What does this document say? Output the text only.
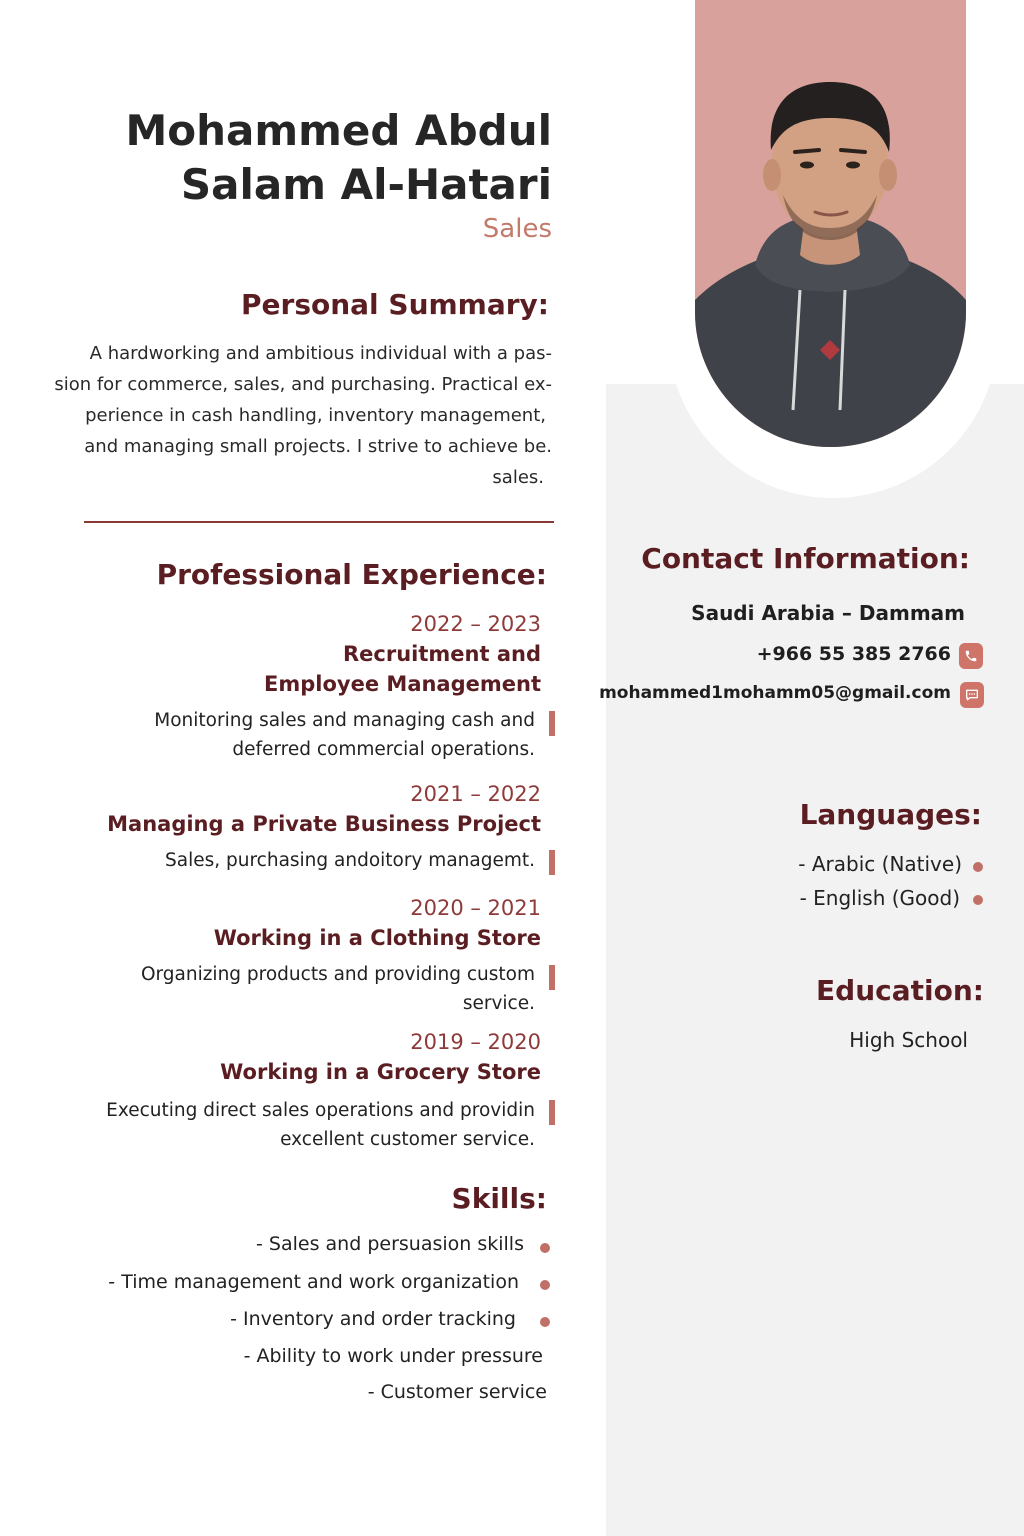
Mohammed Abdul
Salam Al-Hatari
Sales
Personal Summary:
A hardworking and ambitious individual with a pas-
sion for commerce, sales, and purchasing. Practical ex-
perience in cash handling, inventory management,
and managing small projects. I strive to achieve be.
sales.
Professional Experience:
2022 – 2023
Recruitment and
Employee Management
Monitoring sales and managing cash and
deferred commercial operations.
2021 – 2022
Managing a Private Business Project
Sales, purchasing andoitory managemt.
2020 – 2021
Working in a Clothing Store
Organizing products and providing custom
service.
2019 – 2020
Working in a Grocery Store
Executing direct sales operations and providin
excellent customer service.
Skills:
- Sales and persuasion skills
- Time management and work organization
- Inventory and order tracking
- Ability to work under pressure
- Customer service
Contact Information:
Saudi Arabia – Dammam
+966 55 385 2766
mohammed1mohamm05@gmail.com
Languages:
- Arabic (Native)
- English (Good)
Education:
High School
